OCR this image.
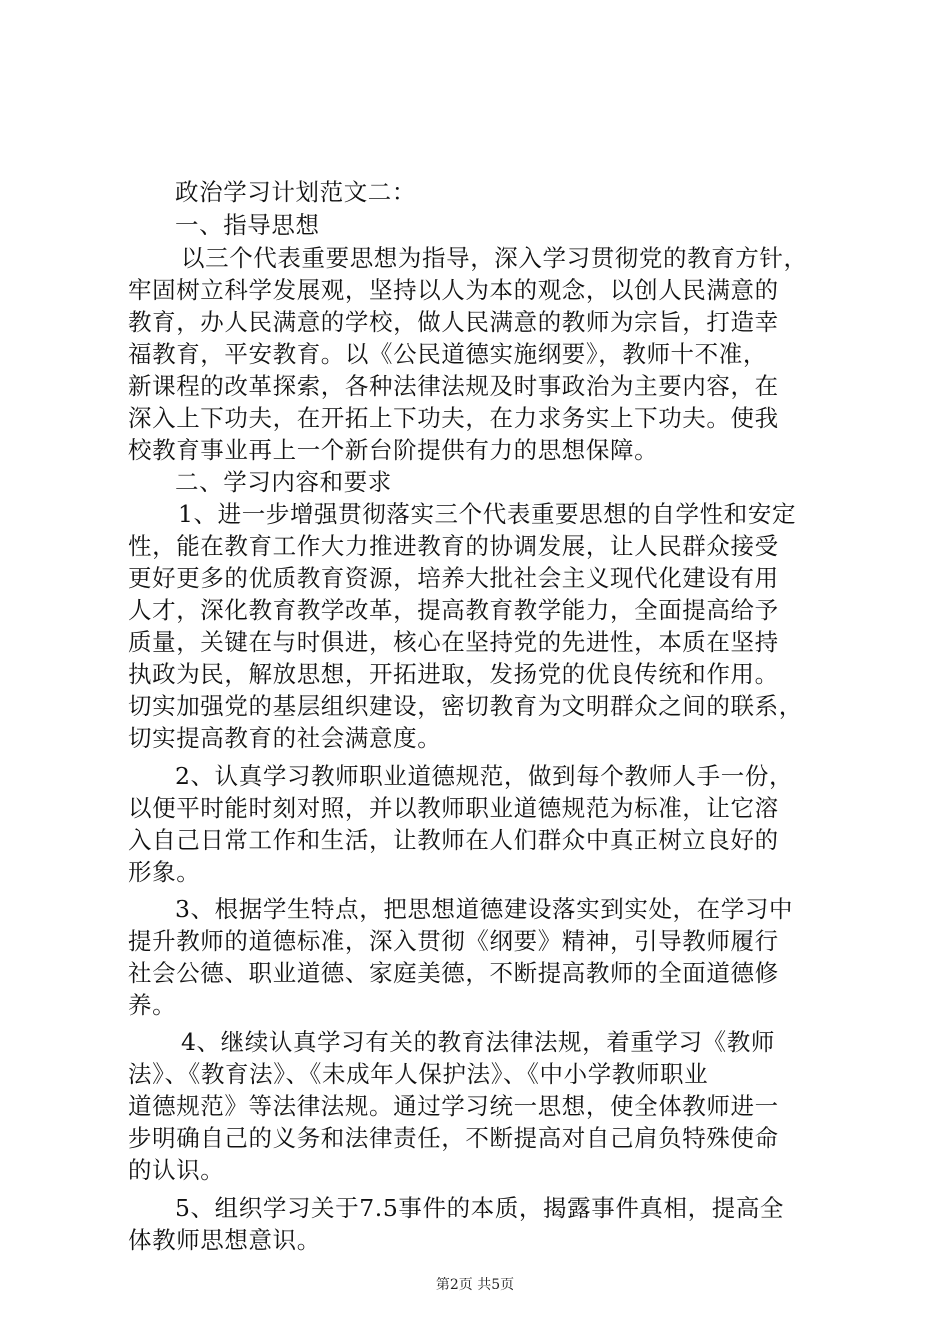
政治学习计划范文二：
一、指导思想
以三个代表重要思想为指导，深入学习贯彻党的教育方针，
牢固树立科学发展观，坚持以人为本的观念，以创人民满意的
教育，办人民满意的学校，做人民满意的教师为宗旨，打造幸
福教育，平安教育。以《公民道德实施纲要》，教师十不准，
新课程的改革探索，各种法律法规及时事政治为主要内容，在
深入上下功夫，在开拓上下功夫，在力求务实上下功夫。使我
校教育事业再上一个新台阶提供有力的思想保障。
二、学习内容和要求
1、进一步增强贯彻落实三个代表重要思想的自学性和安定
性，能在教育工作大力推进教育的协调发展，让人民群众接受
更好更多的优质教育资源，培养大批社会主义现代化建设有用
人才，深化教育教学改革，提高教育教学能力，全面提高给予
质量，关键在与时俱进，核心在坚持党的先进性，本质在坚持
执政为民，解放思想，开拓进取，发扬党的优良传统和作用。
切实加强党的基层组织建设，密切教育为文明群众之间的联系，
切实提高教育的社会满意度。
2、认真学习教师职业道德规范，做到每个教师人手一份，
以便平时能时刻对照，并以教师职业道德规范为标准，让它溶
入自己日常工作和生活，让教师在人们群众中真正树立良好的
形象。
3、根据学生特点，把思想道德建设落实到实处，在学习中
提升教师的道德标准，深入贯彻《纲要》精神，引导教师履行
社会公德、职业道德、家庭美德，不断提高教师的全面道德修
养。
4、继续认真学习有关的教育法律法规，着重学习《教师
法》、《教育法》、《未成年人保护法》、《中小学教师职业
道德规范》等法律法规。通过学习统一思想，使全体教师进一
步明确自己的义务和法律责任，不断提高对自己肩负特殊使命
的认识。
5、组织学习关于7.5事件的本质，揭露事件真相，提高全
体教师思想意识。
第2页 共5页
